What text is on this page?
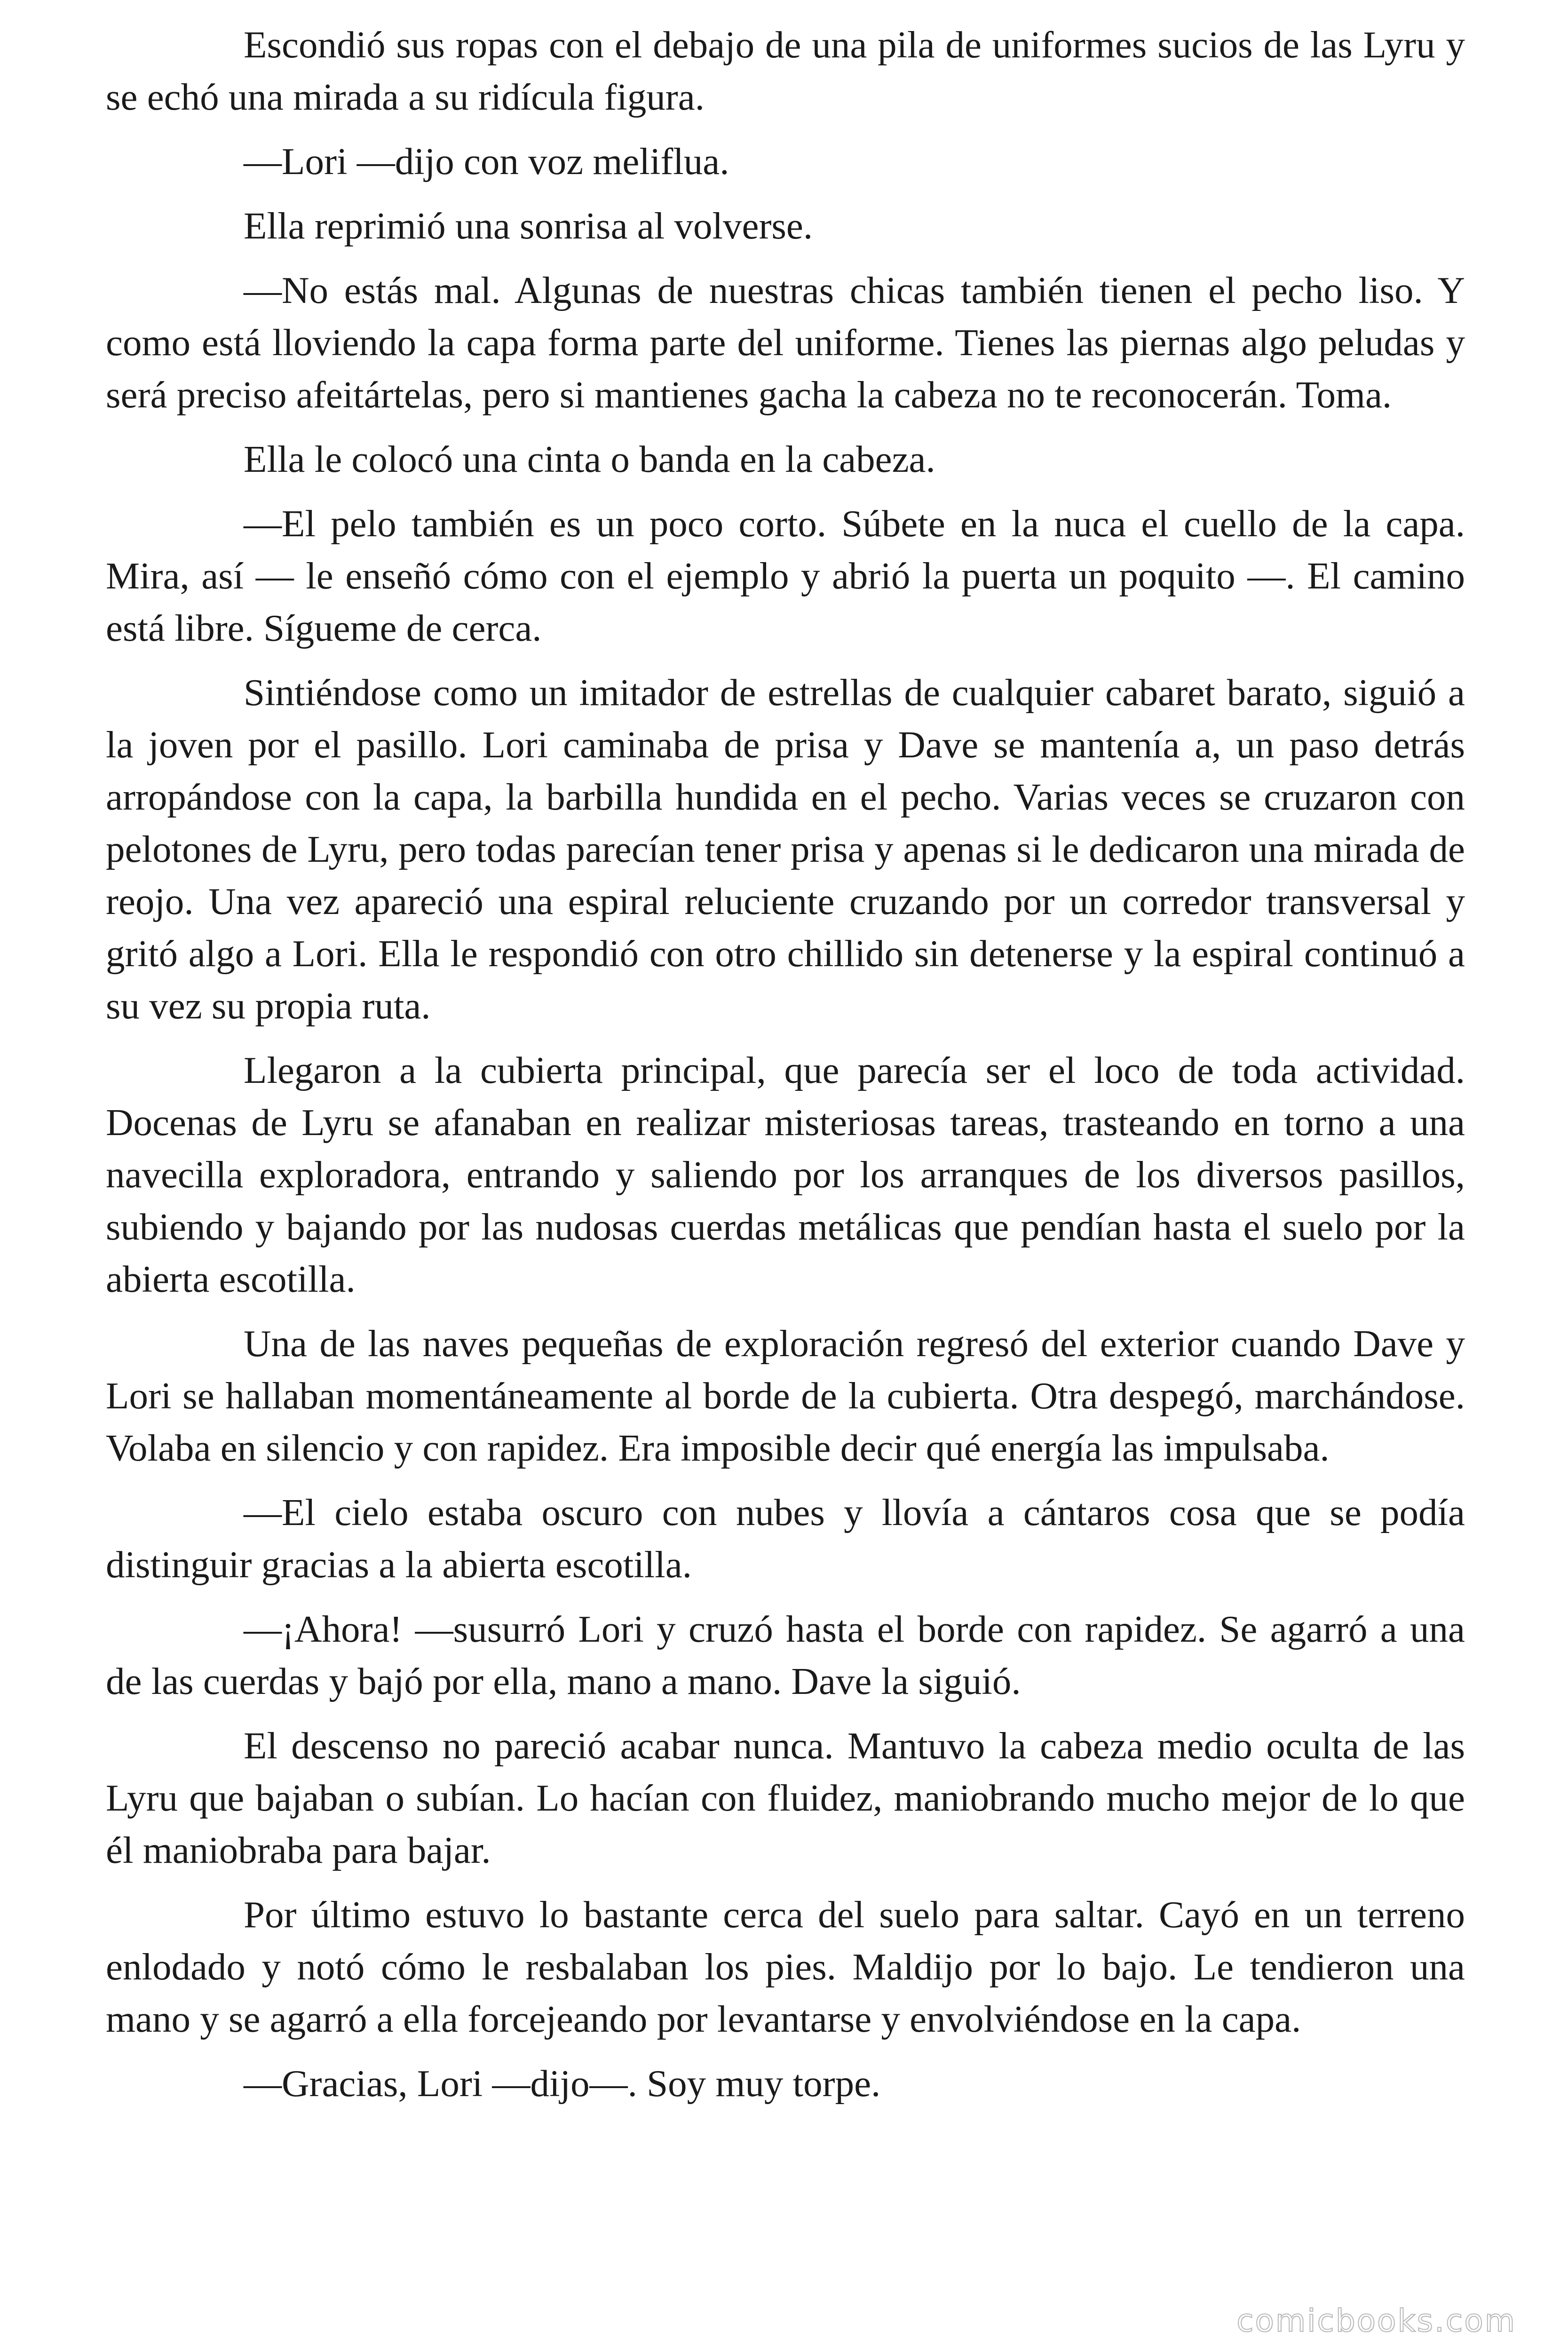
Escondió sus ropas con el debajo de una pila de uniformes sucios de las Lyru y se echó una mirada a su ridícula figura.

—Lori —dijo con voz meliflua.

Ella reprimió una sonrisa al volverse.

—No estás mal. Algunas de nuestras chicas también tienen el pecho liso. Y como está lloviendo la capa forma parte del uniforme. Tienes las piernas algo peludas y será preciso afeitártelas, pero si mantienes gacha la cabeza no te reconocerán. Toma.

Ella le colocó una cinta o banda en la cabeza.

—El pelo también es un poco corto. Súbete en la nuca el cuello de la capa. Mira, así — le enseñó cómo con el ejemplo y abrió la puerta un poquito —. El camino está libre. Sígueme de cerca.

Sintiéndose como un imitador de estrellas de cualquier cabaret barato, siguió a la joven por el pasillo. Lori caminaba de prisa y Dave se mantenía a, un paso detrás arropándose con la capa, la barbilla hundida en el pecho. Varias veces se cruzaron con pelotones de Lyru, pero todas parecían tener prisa y apenas si le dedicaron una mirada de reojo. Una vez apareció una espiral reluciente cruzando por un corredor transversal y gritó algo a Lori. Ella le respondió con otro chillido sin detenerse y la espiral continuó a su vez su propia ruta.

Llegaron a la cubierta principal, que parecía ser el loco de toda actividad. Docenas de Lyru se afanaban en realizar misteriosas tareas, trasteando en torno a una navecilla exploradora, entrando y saliendo por los arranques de los diversos pasillos, subiendo y bajando por las nudosas cuerdas metálicas que pendían hasta el suelo por la abierta escotilla.

Una de las naves pequeñas de exploración regresó del exterior cuando Dave y Lori se hallaban momentáneamente al borde de la cubierta. Otra despegó, marchándose. Volaba en silencio y con rapidez. Era imposible decir qué energía las impulsaba.

—El cielo estaba oscuro con nubes y llovía a cántaros cosa que se podía distinguir gracias a la abierta escotilla.

—¡Ahora! —susurró Lori y cruzó hasta el borde con rapidez. Se agarró a una de las cuerdas y bajó por ella, mano a mano. Dave la siguió.

El descenso no pareció acabar nunca. Mantuvo la cabeza medio oculta de las Lyru que bajaban o subían. Lo hacían con fluidez, maniobrando mucho mejor de lo que él maniobraba para bajar.

Por último estuvo lo bastante cerca del suelo para saltar. Cayó en un terreno enlodado y notó cómo le resbalaban los pies. Maldijo por lo bajo. Le tendieron una mano y se agarró a ella forcejeando por levantarse y envolviéndose en la capa.

—Gracias, Lori —dijo—. Soy muy torpe.

comicbooks.com
